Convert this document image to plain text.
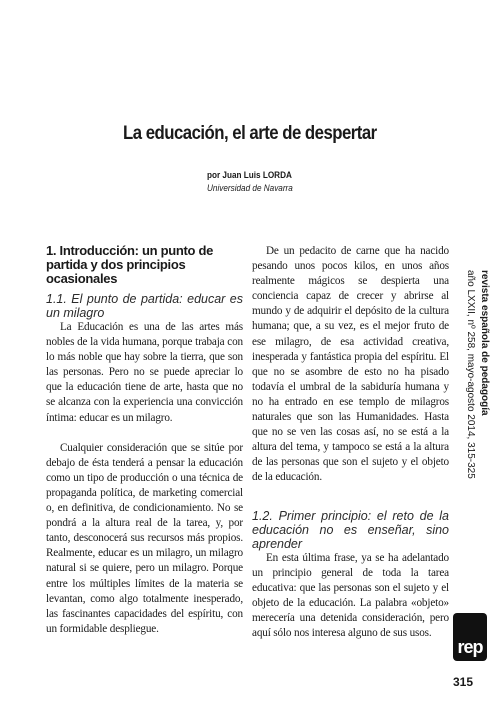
La educación, el arte de despertar
por Juan Luis LORDA
Universidad de Navarra
1. Introducción: un punto de partida y dos principios ocasionales
1.1. El punto de partida: educar es un milagro

La Educación es una de las artes más nobles de la vida humana, porque trabaja con lo más noble que hay sobre la tierra, que son las personas. Pero no se puede apreciar lo que la educación tiene de arte, hasta que no se alcanza con la experiencia una convicción íntima: educar es un milagro.

Cualquier consideración que se sitúe por debajo de ésta tenderá a pensar la educación como un tipo de producción o una técnica de propaganda política, de marketing comercial o, en definitiva, de condicionamiento. No se pondrá a la altura real de la tarea, y, por tanto, desconocerá sus recursos más propios. Realmente, educar es un milagro, un milagro natural si se quiere, pero un milagro. Porque entre los múltiples límites de la materia se levantan, como algo totalmente inesperado, las fascinantes capacidades del espíritu, con un formidable despliegue.

De un pedacito de carne que ha nacido pesando unos pocos kilos, en unos años realmente mágicos se despierta una conciencia capaz de crecer y abrirse al mundo y de adquirir el depósito de la cultura humana; que, a su vez, es el mejor fruto de ese milagro, de esa actividad creativa, inesperada y fantástica propia del espíritu. El que no se asombre de esto no ha pisado todavía el umbral de la sabiduría humana y no ha entrado en ese templo de milagros naturales que son las Humanidades. Hasta que no se ven las cosas así, no se está a la altura del tema, y tampoco se está a la altura de las personas que son el sujeto y el objeto de la educación.

1.2. Primer principio: el reto de la educación no es enseñar, sino aprender

En esta última frase, ya se ha adelantado un principio general de toda la tarea educativa: que las personas son el sujeto y el objeto de la educación. La palabra «objeto» merecería una detenida consideración, pero aquí sólo nos interesa alguno de sus usos.

revista española de pedagogía
año LXXII, nº 258, mayo-agosto 2014, 315-325
rep
315
